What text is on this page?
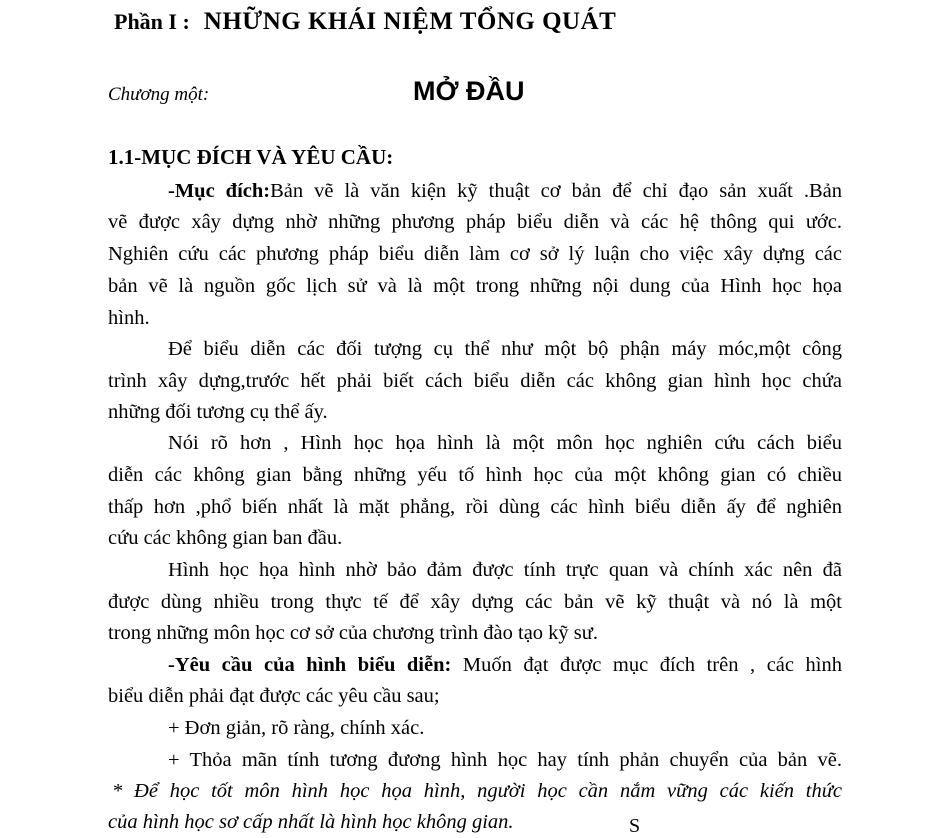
Phần I : NHỮNG KHÁI NIỆM TỔNG QUÁT
Chương một:	MỞ ĐẦU
1.1-MỤC ĐÍCH VÀ YÊU CẦU:
-Mục đích:Bản vẽ là văn kiện kỹ thuật cơ bản để chỉ đạo sản xuất .Bản
vẽ được xây dựng nhờ những phương pháp biểu diễn và các hệ thông qui ước.
Nghiên cứu các phương pháp biểu diễn làm cơ sở lý luận cho việc xây dựng các
bản vẽ là nguồn gốc lịch sử và là một trong những nội dung của Hình học họa
hình.
Để biểu diễn các đối tượng cụ thể như một bộ phận máy móc,một công
trình xây dựng,trước hết phải biết cách biểu diễn các không gian hình học chứa
những đối tương cụ thể ấy.
Nói rõ hơn , Hình học họa hình là một môn học nghiên cứu cách biểu
diễn các không gian bằng những yếu tố hình học của một không gian có chiều
thấp hơn ,phổ biến nhất là mặt phẳng, rồi dùng các hình biểu diễn ấy để nghiên
cứu các không gian ban đầu.
Hình học họa hình nhờ bảo đảm được tính trực quan và chính xác nên đã
được dùng nhiều trong thực tế để xây dựng các bản vẽ kỹ thuật và nó là một
trong những môn học cơ sở của chương trình đào tạo kỹ sư.
-Yêu cầu của hình biểu diễn: Muốn đạt được mục đích trên , các hình
biểu diễn phải đạt được các yêu cầu sau;
+ Đơn giản, rõ ràng, chính xác.
+ Thỏa mãn tính tương đương hình học hay tính phản chuyển của bản vẽ.
* Để học tốt môn hình học họa hình, người học cần nắm vững các kiến thức
của hình học sơ cấp nhất là hình học không gian.	S
